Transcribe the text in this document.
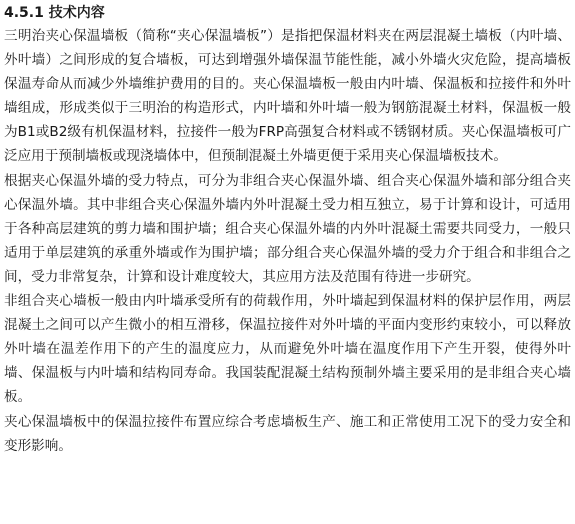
4.5.1 技术内容

三明治夹心保温墙板（简称“夹心保温墙板”）是指把保温材料夹在两层混凝土墙板（内叶墙、外叶墙）之间形成的复合墙板，可达到增强外墙保温节能性能，减小外墙火灾危险，提高墙板保温寿命从而减少外墙维护费用的目的。夹心保温墙板一般由内叶墙、保温板和拉接件和外叶墙组成，形成类似于三明治的构造形式，内叶墙和外叶墙一般为钢筋混凝土材料，保温板一般为B1或B2级有机保温材料，拉接件一般为FRP高强复合材料或不锈钢材质。夹心保温墙板可广泛应用于预制墙板或现浇墙体中，但预制混凝土外墙更便于采用夹心保温墙板技术。

根据夹心保温外墙的受力特点，可分为非组合夹心保温外墙、组合夹心保温外墙和部分组合夹心保温外墙。其中非组合夹心保温外墙内外叶混凝土受力相互独立，易于计算和设计，可适用于各种高层建筑的剪力墙和围护墙；组合夹心保温外墙的内外叶混凝土需要共同受力，一般只适用于单层建筑的承重外墙或作为围护墙；部分组合夹心保温外墙的受力介于组合和非组合之间，受力非常复杂，计算和设计难度较大，其应用方法及范围有待进一步研究。

非组合夹心墙板一般由内叶墙承受所有的荷载作用，外叶墙起到保温材料的保护层作用，两层混凝土之间可以产生微小的相互滑移，保温拉接件对外叶墙的平面内变形约束较小，可以释放外叶墙在温差作用下的产生的温度应力，从而避免外叶墙在温度作用下产生开裂，使得外叶墙、保温板与内叶墙和结构同寿命。我国装配混凝土结构预制外墙主要采用的是非组合夹心墙板。

夹心保温墙板中的保温拉接件布置应综合考虑墙板生产、施工和正常使用工况下的受力安全和变形影响。
